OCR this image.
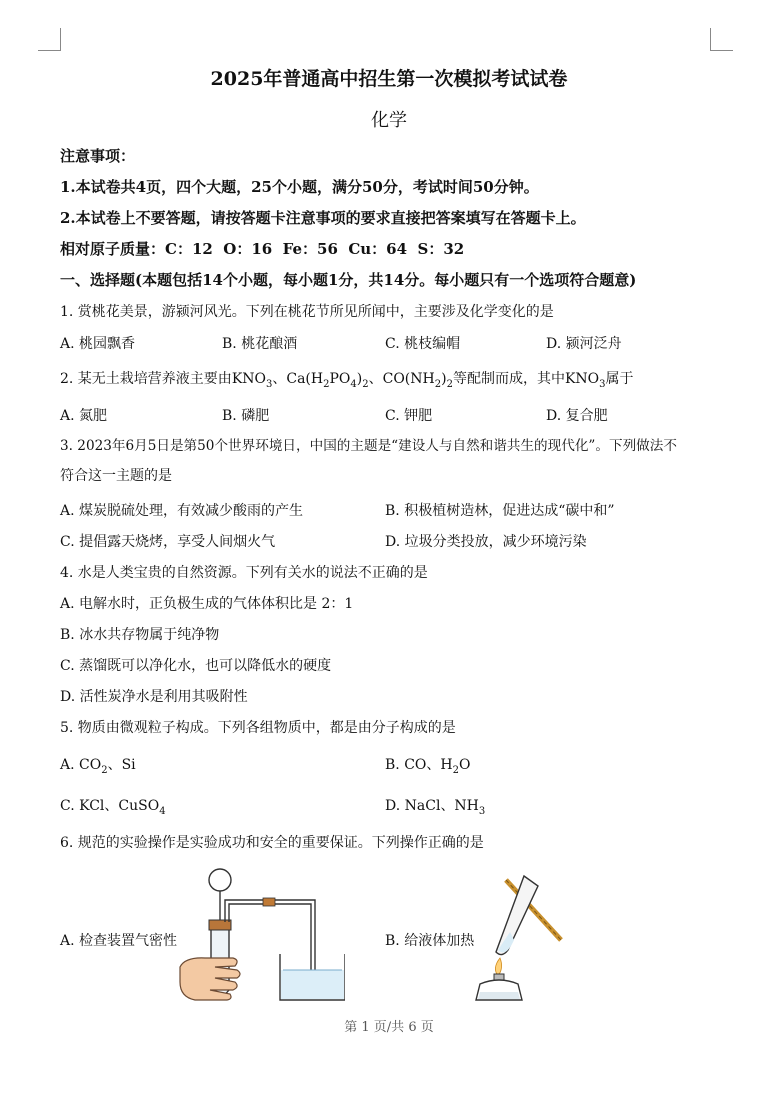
2025年普通高中招生第一次模拟考试试卷
化学
注意事项：
1.本试卷共4页，四个大题，25个小题，满分50分，考试时间50分钟。
2.本试卷上不要答题，请按答题卡注意事项的要求直接把答案填写在答题卡上。
相对原子质量：C：12  O：16  Fe：56  Cu：64  S：32
一、选择题(本题包括14个小题，每小题1分，共14分。每小题只有一个选项符合题意)
1. 赏桃花美景，游颍河风光。下列在桃花节所见所闻中，主要涉及化学变化的是
A. 桃园飘香	B. 桃花酿酒	C. 桃枝编帽	D. 颍河泛舟
2. 某无土栽培营养液主要由$KNO_3$、$Ca(H_2PO_4)_2$、$CO(NH_2)_2$等配制而成，其中$KNO_3$属于
A. 氮肥	B. 磷肥	C. 钾肥	D. 复合肥
3. 2023年6月5日是第50个世界环境日，中国的主题是“建设人与自然和谐共生的现代化”。下列做法不
符合这一主题的是
A. 煤炭脱硫处理，有效减少酸雨的产生	B. 积极植树造林，促进达成“碳中和”
C. 提倡露天烧烤，享受人间烟火气	D. 垃圾分类投放，减少环境污染
4. 水是人类宝贵的自然资源。下列有关水的说法不正确的是
A. 电解水时，正负极生成的气体体积比是 2：1
B. 冰水共存物属于纯净物
C. 蒸馏既可以净化水，也可以降低水的硬度
D. 活性炭净水是利用其吸附性
5. 物质由微观粒子构成。下列各组物质中，都是由分子构成的是
A. $CO_2$、Si	B. CO、$H_2O$
C. KCl、CuSO$_4$	D. NaCl、$NH_3$
6. 规范的实验操作是实验成功和安全的重要保证。下列操作正确的是
A. 检查装置气密性	B. 给液体加热
第 1 页/共 6 页
